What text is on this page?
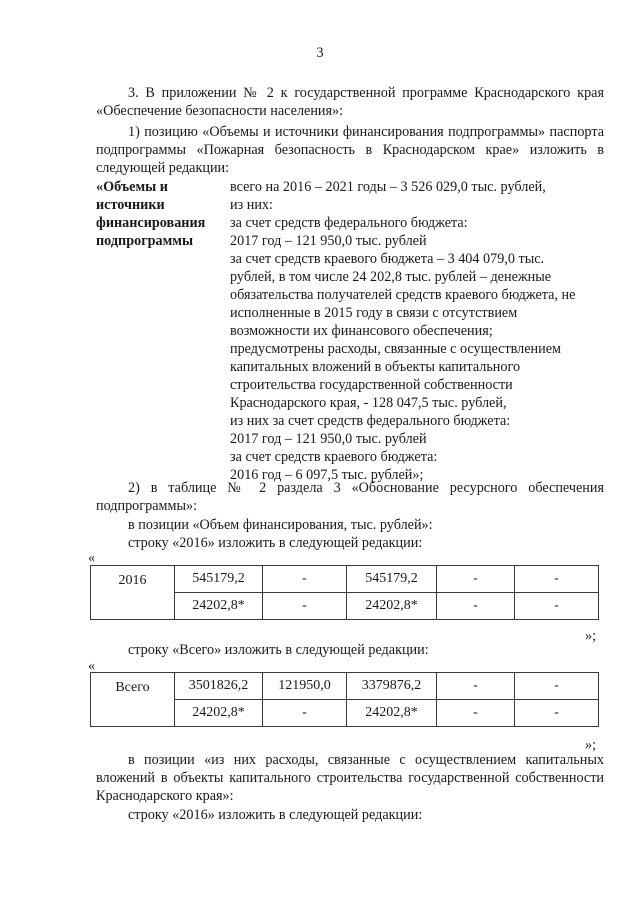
3
3. В приложении № 2 к государственной программе Краснодарского края «Обеспечение безопасности населения»:
1) позицию «Объемы и источники финансирования подпрограммы» паспорта подпрограммы «Пожарная безопасность в Краснодарском крае» изложить в следующей редакции:
«Объемы и
источники
финансирования
подпрограммы
всего на 2016 – 2021 годы – 3 526 029,0 тыс. рублей,
из них:
за счет средств федерального бюджета:
2017 год – 121 950,0 тыс. рублей
за счет средств краевого бюджета – 3 404 079,0 тыс.
рублей, в том числе 24 202,8 тыс. рублей – денежные
обязательства получателей средств краевого бюджета, не
исполненные в 2015 году в связи с отсутствием
возможности их финансового обеспечения;
предусмотрены расходы, связанные с осуществлением
капитальных вложений в объекты капитального
строительства государственной собственности
Краснодарского края, - 128 047,5 тыс. рублей,
из них за счет средств федерального бюджета:
2017 год – 121 950,0 тыс. рублей
за счет средств краевого бюджета:
2016 год – 6 097,5 тыс. рублей»;
2) в таблице № 2 раздела 3 «Обоснование ресурсного обеспечения подпрограммы»:
в позиции «Объем финансирования, тыс. рублей»:
строку «2016» изложить в следующей редакции:
«
2016	545179,2	-	545179,2	-	-
	24202,8*	-	24202,8*	-	-
»;
строку «Всего» изложить в следующей редакции:
«
Всего	3501826,2	121950,0	3379876,2	-	-
	24202,8*	-	24202,8*	-	-
»;
в позиции «из них расходы, связанные с осуществлением капитальных вложений в объекты капитального строительства государственной собственности Краснодарского края»:
строку «2016» изложить в следующей редакции:
